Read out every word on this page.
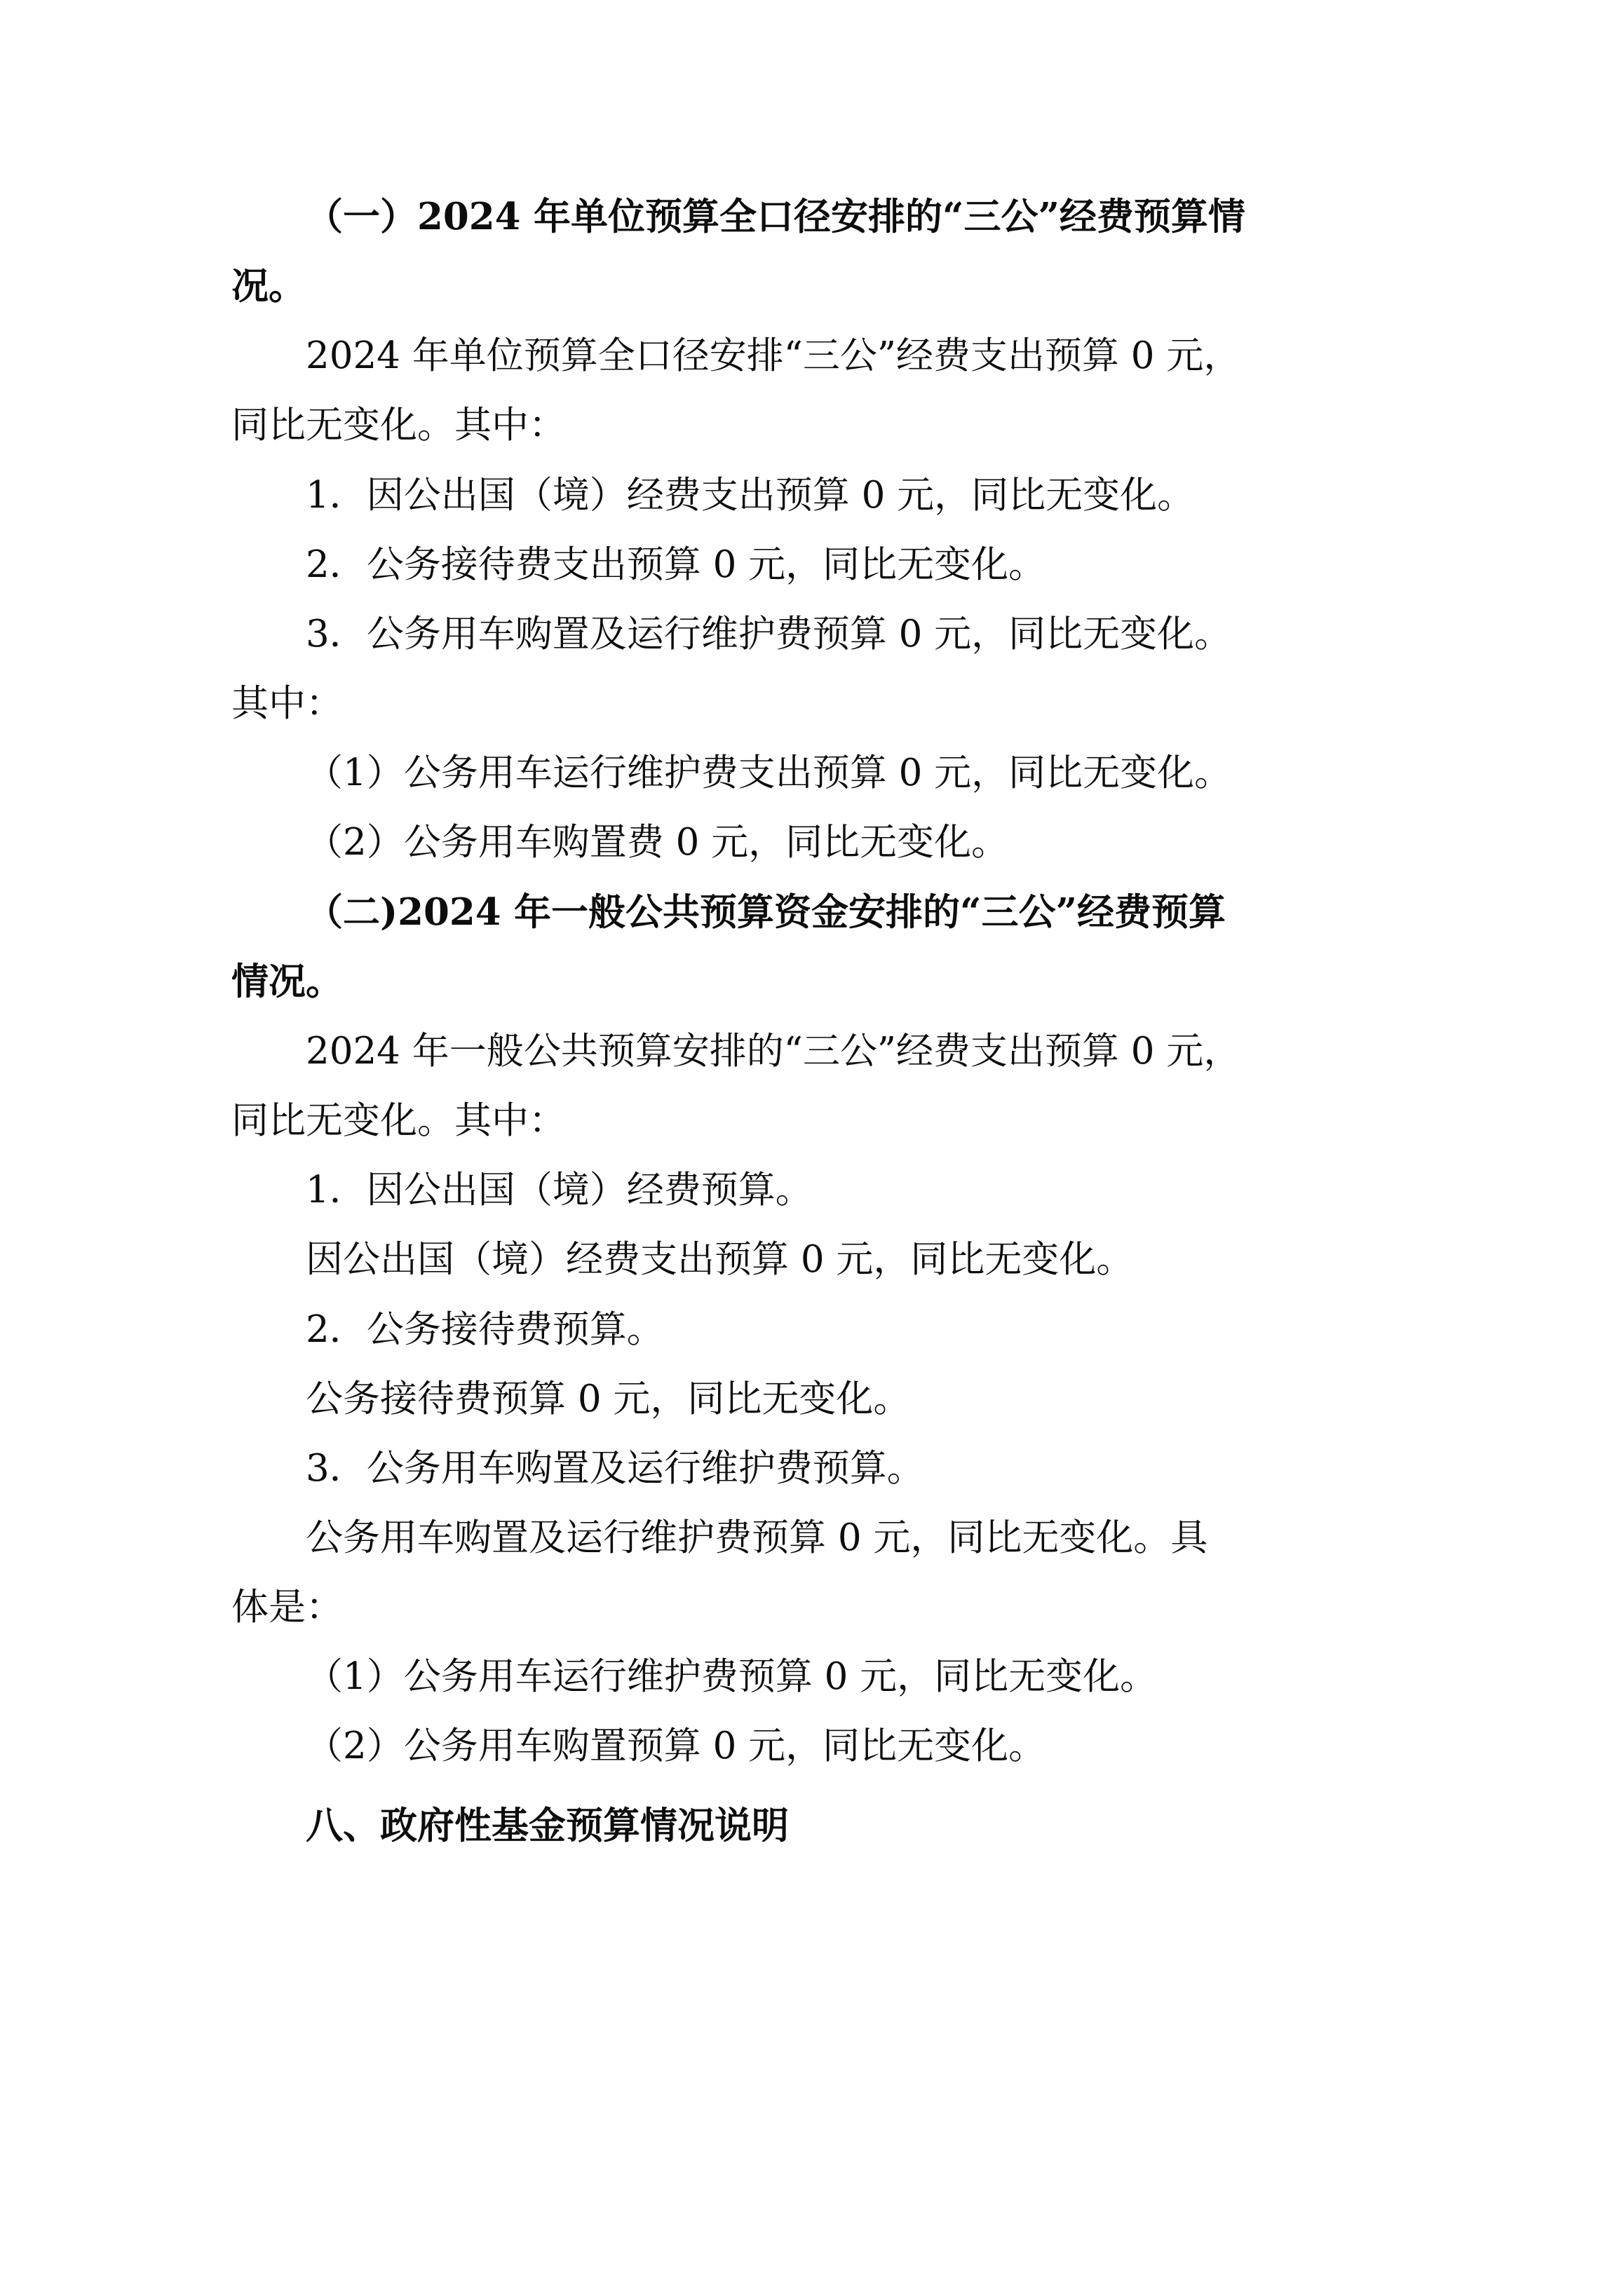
（一）2024 年单位预算全口径安排的“三公”经费预算情

况。

2024 年单位预算全口径安排“三公”经费支出预算 0 元，

同比无变化。其中：

1．因公出国（境）经费支出预算 0 元，同比无变化。

2．公务接待费支出预算 0 元，同比无变化。

3．公务用车购置及运行维护费预算 0 元，同比无变化。

其中：

（1）公务用车运行维护费支出预算 0 元，同比无变化。

（2）公务用车购置费 0 元，同比无变化。

（二)2024 年一般公共预算资金安排的“三公”经费预算

情况。

2024 年一般公共预算安排的“三公”经费支出预算 0 元，

同比无变化。其中：

1．因公出国（境）经费预算。

因公出国（境）经费支出预算 0 元，同比无变化。

2．公务接待费预算。

公务接待费预算 0 元，同比无变化。

3．公务用车购置及运行维护费预算。

公务用车购置及运行维护费预算 0 元，同比无变化。具

体是：

（1）公务用车运行维护费预算 0 元，同比无变化。

（2）公务用车购置预算 0 元，同比无变化。

八、政府性基金预算情况说明
